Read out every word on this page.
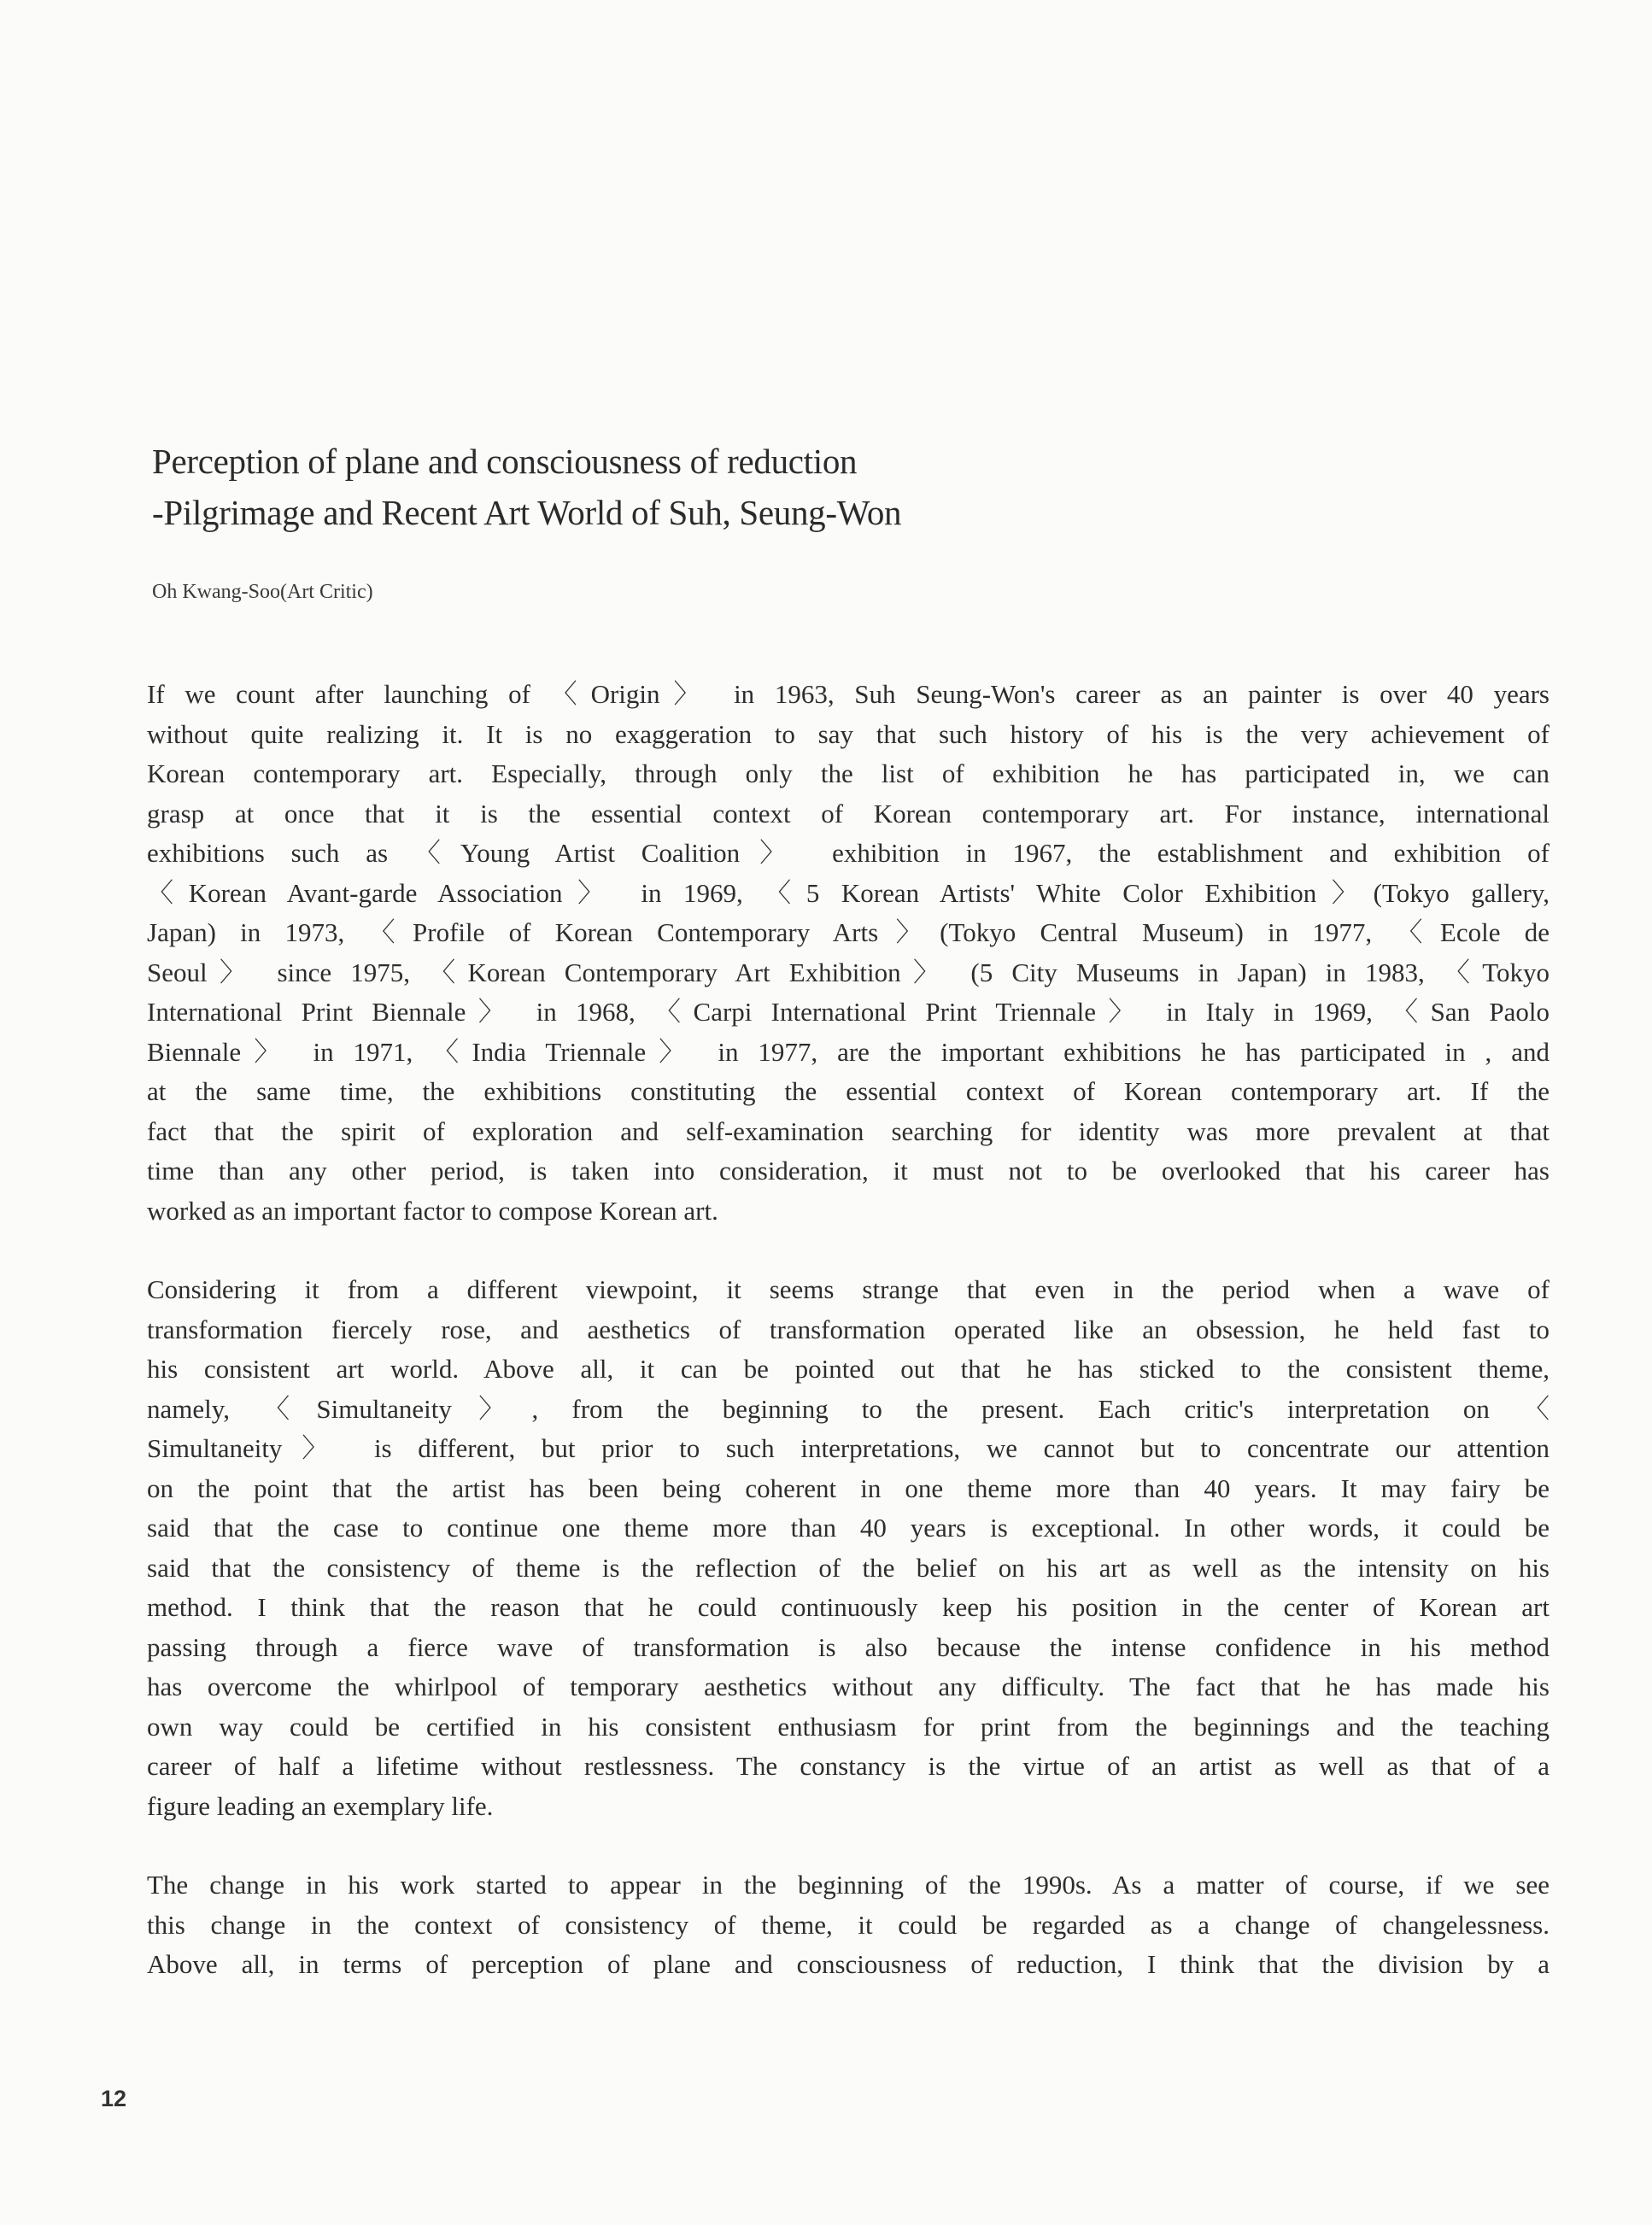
Perception of plane and consciousness of reduction
-Pilgrimage and Recent Art World of Suh, Seung-Won
Oh Kwang-Soo(Art Critic)

If we count after launching of 〈Origin〉 in 1963, Suh Seung-Won's career as an painter is over 40 years
without quite realizing it. It is no exaggeration to say that such history of his is the very achievement of
Korean contemporary art. Especially, through only the list of exhibition he has participated in, we can
grasp at once that it is the essential context of Korean contemporary art. For instance, international
exhibitions such as 〈Young Artist Coalition〉 exhibition in 1967, the establishment and exhibition of
〈Korean Avant-garde Association〉 in 1969, 〈5 Korean Artists' White Color Exhibition〉(Tokyo gallery,
Japan) in 1973, 〈Profile of Korean Contemporary Arts〉(Tokyo Central Museum) in 1977, 〈Ecole de
Seoul〉 since 1975, 〈Korean Contemporary Art Exhibition〉 (5 City Museums in Japan) in 1983, 〈Tokyo
International Print Biennale〉 in 1968, 〈Carpi International Print Triennale〉 in Italy in 1969, 〈San Paolo
Biennale〉 in 1971, 〈India Triennale〉 in 1977, are the important exhibitions he has participated in , and
at the same time, the exhibitions constituting the essential context of Korean contemporary art. If the
fact that the spirit of exploration and self-examination searching for identity was more prevalent at that
time than any other period, is taken into consideration, it must not to be overlooked that his career has
worked as an important factor to compose Korean art.

Considering it from a different viewpoint, it seems strange that even in the period when a wave of
transformation fiercely rose, and aesthetics of transformation operated like an obsession, he held fast to
his consistent art world. Above all, it can be pointed out that he has sticked to the consistent theme,
namely, 〈Simultaneity〉, from the beginning to the present. Each critic's interpretation on 〈
Simultaneity〉 is different, but prior to such interpretations, we cannot but to concentrate our attention
on the point that the artist has been being coherent in one theme more than 40 years. It may fairy be
said that the case to continue one theme more than 40 years is exceptional. In other words, it could be
said that the consistency of theme is the reflection of the belief on his art as well as the intensity on his
method. I think that the reason that he could continuously keep his position in the center of Korean art
passing through a fierce wave of transformation is also because the intense confidence in his method
has overcome the whirlpool of temporary aesthetics without any difficulty. The fact that he has made his
own way could be certified in his consistent enthusiasm for print from the beginnings and the teaching
career of half a lifetime without restlessness. The constancy is the virtue of an artist as well as that of a
figure leading an exemplary life.

The change in his work started to appear in the beginning of the 1990s. As a matter of course, if we see
this change in the context of consistency of theme, it could be regarded as a change of changelessness.
Above all, in terms of perception of plane and consciousness of reduction, I think that the division by a

12
